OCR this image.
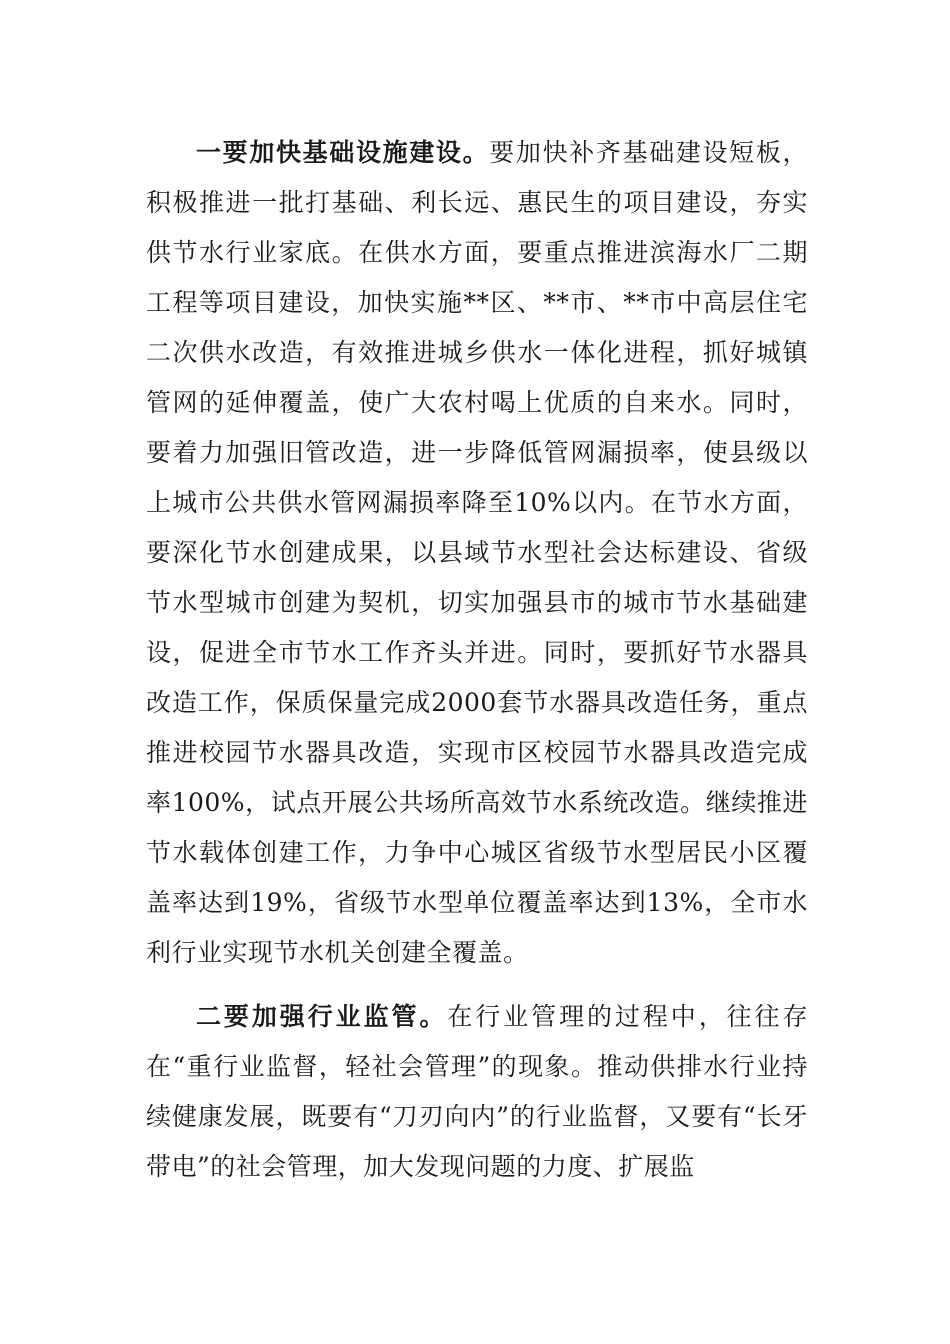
一要加快基础设施建设。要加快补齐基础建设短板，积极推进一批打基础、利长远、惠民生的项目建设，夯实供节水行业家底。在供水方面，要重点推进滨海水厂二期工程等项目建设，加快实施**区、**市、**市中高层住宅二次供水改造，有效推进城乡供水一体化进程，抓好城镇管网的延伸覆盖，使广大农村喝上优质的自来水。同时，要着力加强旧管改造，进一步降低管网漏损率，使县级以上城市公共供水管网漏损率降至10%以内。在节水方面，要深化节水创建成果，以县域节水型社会达标建设、省级节水型城市创建为契机，切实加强县市的城市节水基础建设，促进全市节水工作齐头并进。同时，要抓好节水器具改造工作，保质保量完成2000套节水器具改造任务，重点推进校园节水器具改造，实现市区校园节水器具改造完成率100%，试点开展公共场所高效节水系统改造。继续推进节水载体创建工作，力争中心城区省级节水型居民小区覆盖率达到19%，省级节水型单位覆盖率达到13%，全市水利行业实现节水机关创建全覆盖。

二要加强行业监管。在行业管理的过程中，往往存在“重行业监督，轻社会管理”的现象。推动供排水行业持续健康发展，既要有“刀刃向内”的行业监督，又要有“长牙带电”的社会管理，加大发现问题的力度、扩展监
